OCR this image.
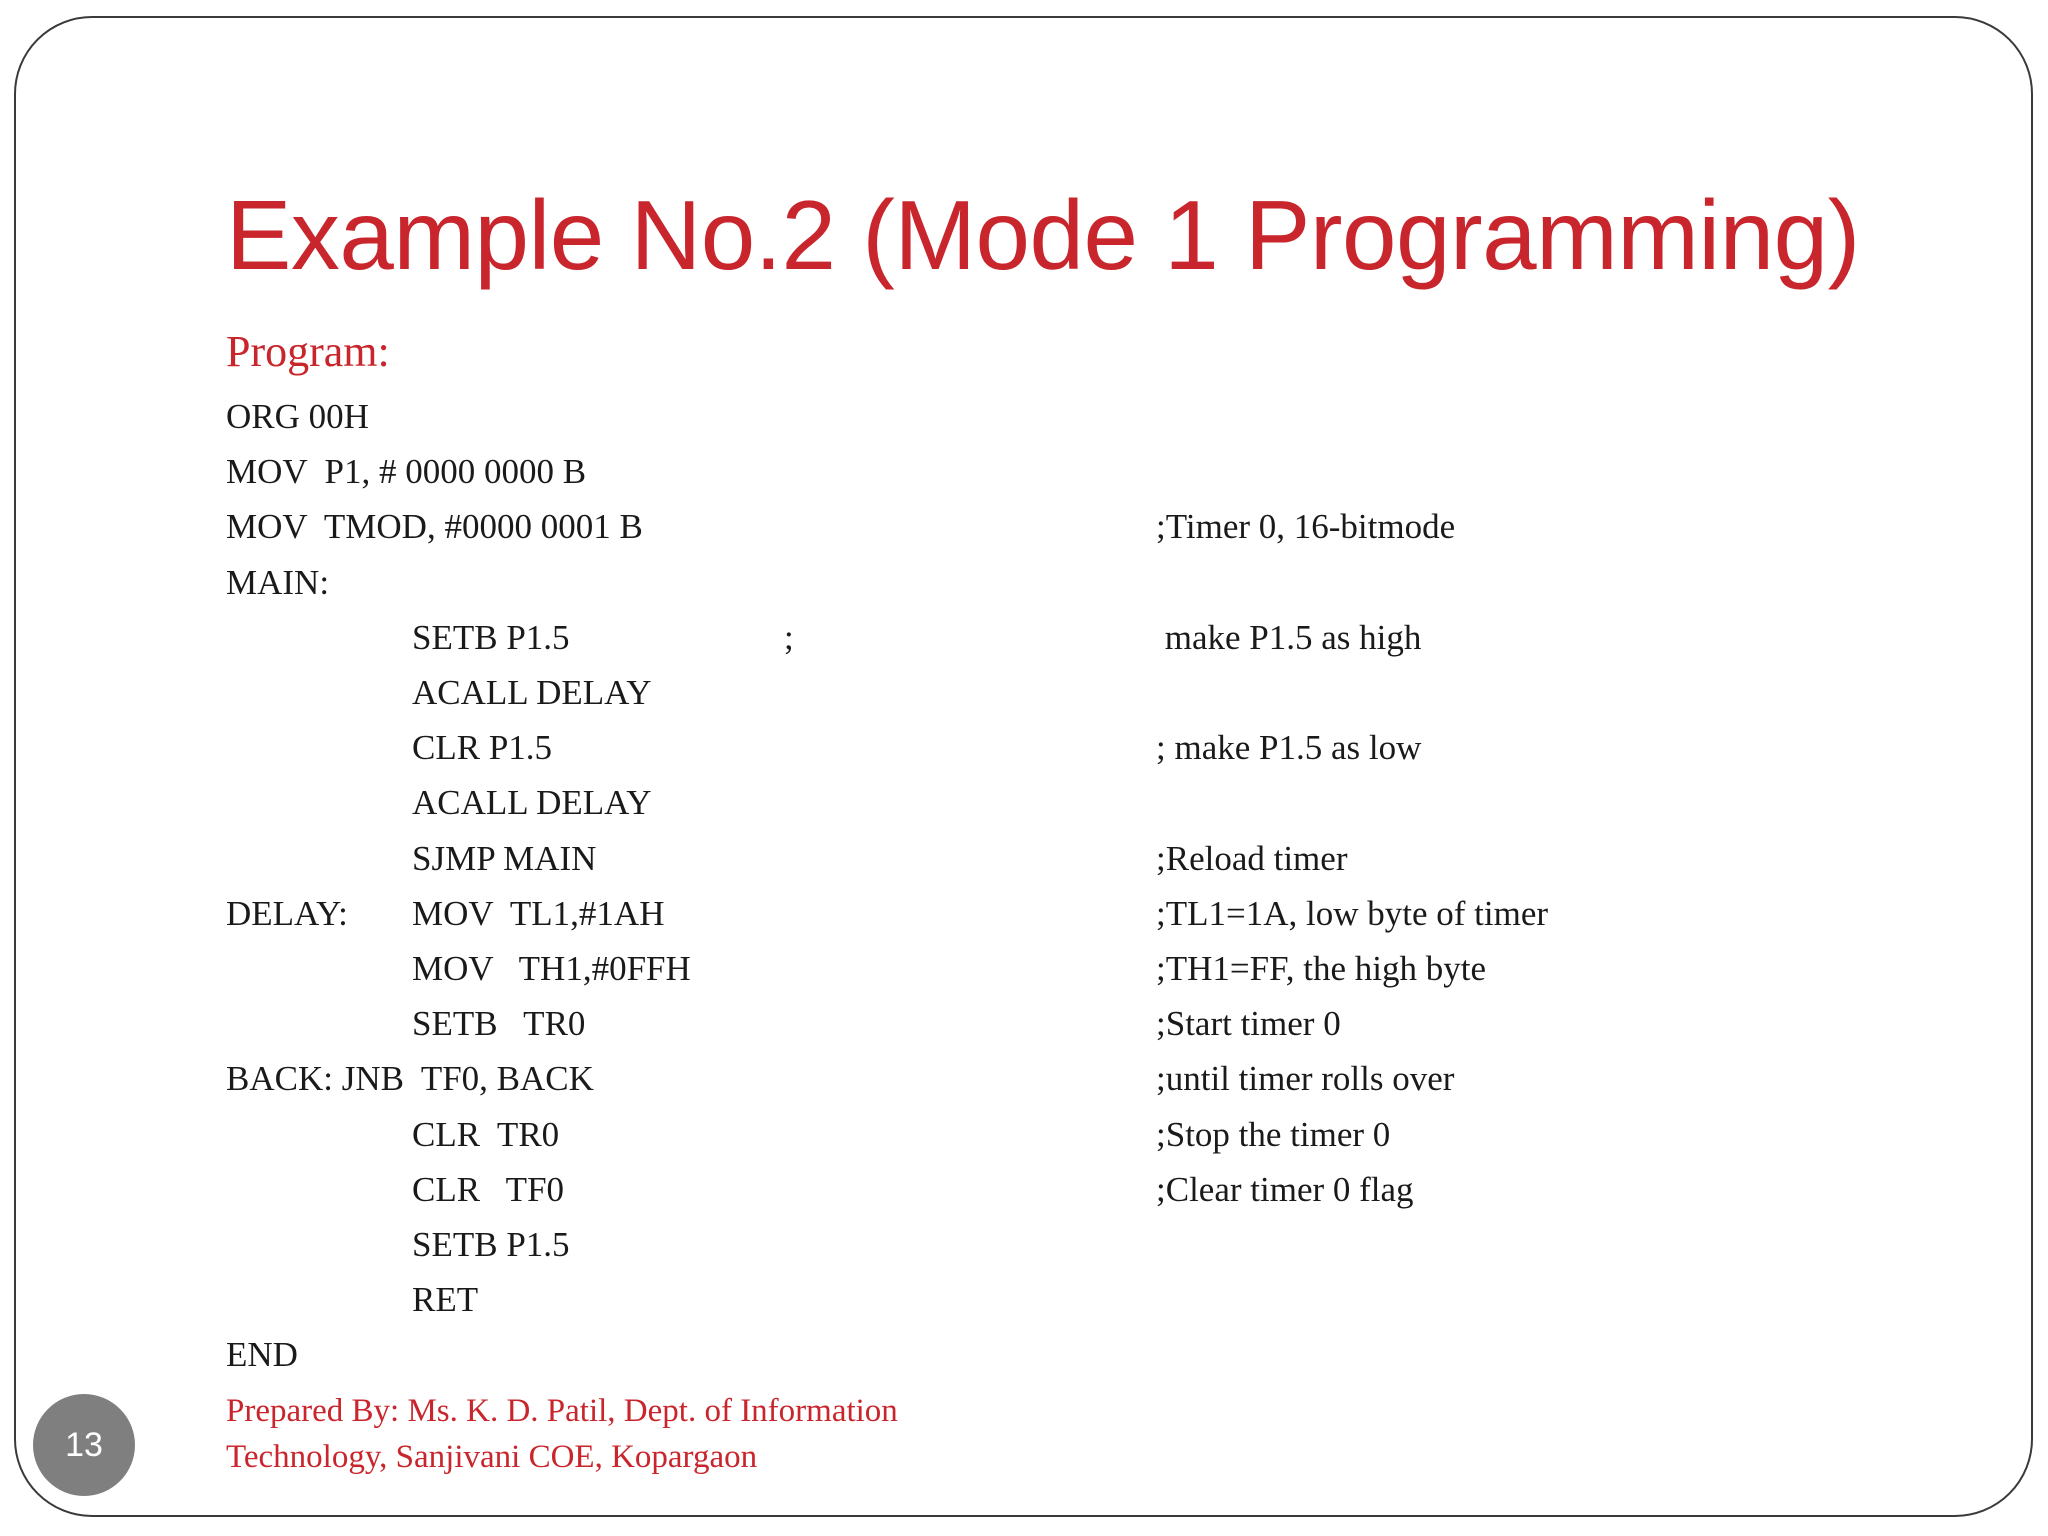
Example No.2 (Mode 1 Programming)
Program:
ORG 00H
MOV  P1, # 0000 0000 B
MOV  TMOD, #0000 0001 B	;Timer 0, 16-bitmode
MAIN:
SETB P1.5	;	make P1.5 as high
ACALL DELAY
CLR P1.5	; make P1.5 as low
ACALL DELAY
SJMP MAIN	;Reload timer
DELAY: MOV  TL1,#1AH	;TL1=1A, low byte of timer
MOV   TH1,#0FFH	;TH1=FF, the high byte
SETB   TR0	;Start timer 0
BACK: JNB  TF0, BACK	;until timer rolls over
CLR  TR0	;Stop the timer 0
CLR   TF0	;Clear timer 0 flag
SETB P1.5
RET
END
Prepared By: Ms. K. D. Patil, Dept. of Information
Technology, Sanjivani COE, Kopargaon
13
